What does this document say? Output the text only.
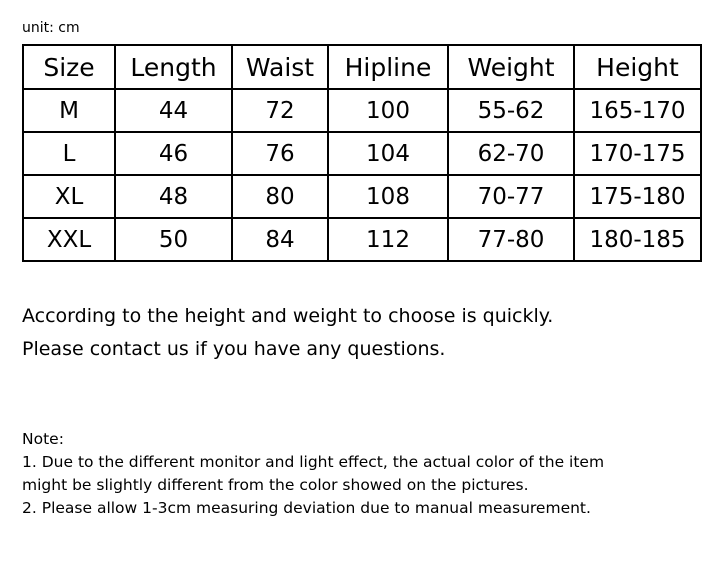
unit: cm
Size	Length	Waist	Hipline	Weight	Height
M	44	72	100	55-62	165-170
L	46	76	104	62-70	170-175
XL	48	80	108	70-77	175-180
XXL	50	84	112	77-80	180-185
According to the height and weight to choose is quickly.
Please contact us if you have any questions.
Note:
1. Due to the different monitor and light effect, the actual color of the item
might be slightly different from the color showed on the pictures.
2. Please allow 1-3cm measuring deviation due to manual measurement.
